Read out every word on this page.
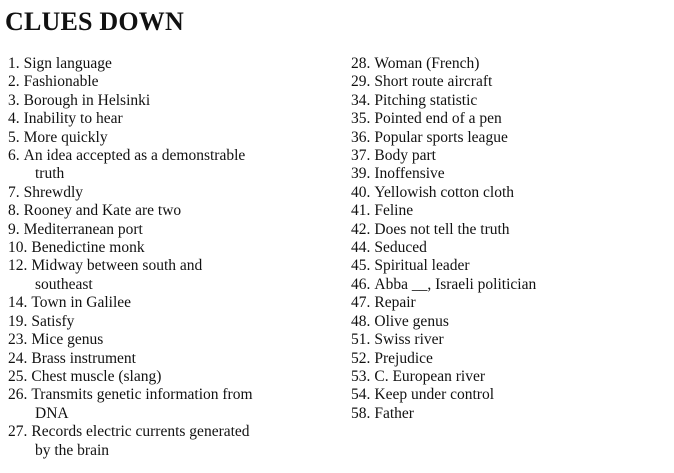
CLUES DOWN
1. Sign language
2. Fashionable
3. Borough in Helsinki
4. Inability to hear
5. More quickly
6. An idea accepted as a demonstrable
truth
7. Shrewdly
8. Rooney and Kate are two
9. Mediterranean port
10. Benedictine monk
12. Midway between south and
southeast
14. Town in Galilee
19. Satisfy
23. Mice genus
24. Brass instrument
25. Chest muscle (slang)
26. Transmits genetic information from
DNA
27. Records electric currents generated
by the brain
28. Woman (French)
29. Short route aircraft
34. Pitching statistic
35. Pointed end of a pen
36. Popular sports league
37. Body part
39. Inoffensive
40. Yellowish cotton cloth
41. Feline
42. Does not tell the truth
44. Seduced
45. Spiritual leader
46. Abba __, Israeli politician
47. Repair
48. Olive genus
51. Swiss river
52. Prejudice
53. C. European river
54. Keep under control
58. Father
